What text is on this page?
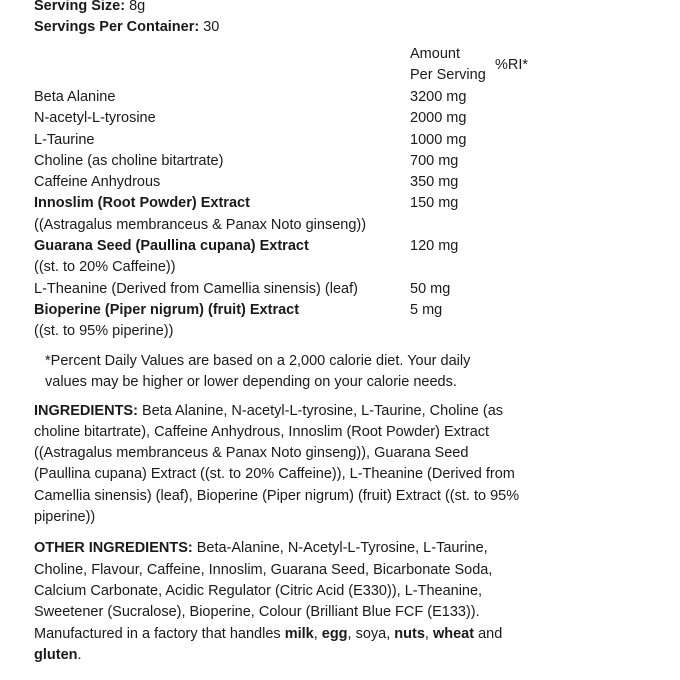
Serving Size: 8g
Servings Per Container: 30
Amount
Per Serving
%RI*
Beta Alanine	3200 mg
N-acetyl-L-tyrosine	2000 mg
L-Taurine	1000 mg
Choline (as choline bitartrate)	700 mg
Caffeine Anhydrous	350 mg
Innoslim (Root Powder) Extract	150 mg
((Astragalus membranceus & Panax Noto ginseng))
Guarana Seed (Paullina cupana) Extract	120 mg
((st. to 20% Caffeine))
L-Theanine (Derived from Camellia sinensis) (leaf)	50 mg
Bioperine (Piper nigrum) (fruit) Extract	5 mg
((st. to 95% piperine))
*Percent Daily Values are based on a 2,000 calorie diet. Your daily
values may be higher or lower depending on your calorie needs.
INGREDIENTS: Beta Alanine, N-acetyl-L-tyrosine, L-Taurine, Choline (as choline bitartrate), Caffeine Anhydrous, Innoslim (Root Powder) Extract ((Astragalus membranceus & Panax Noto ginseng)), Guarana Seed (Paullina cupana) Extract ((st. to 20% Caffeine)), L-Theanine (Derived from Camellia sinensis) (leaf), Bioperine (Piper nigrum) (fruit) Extract ((st. to 95% piperine))
OTHER INGREDIENTS: Beta-Alanine, N-Acetyl-L-Tyrosine, L-Taurine, Choline, Flavour, Caffeine, Innoslim, Guarana Seed, Bicarbonate Soda, Calcium Carbonate, Acidic Regulator (Citric Acid (E330)), L-Theanine, Sweetener (Sucralose), Bioperine, Colour (Brilliant Blue FCF (E133)). Manufactured in a factory that handles milk, egg, soya, nuts, wheat and gluten.
